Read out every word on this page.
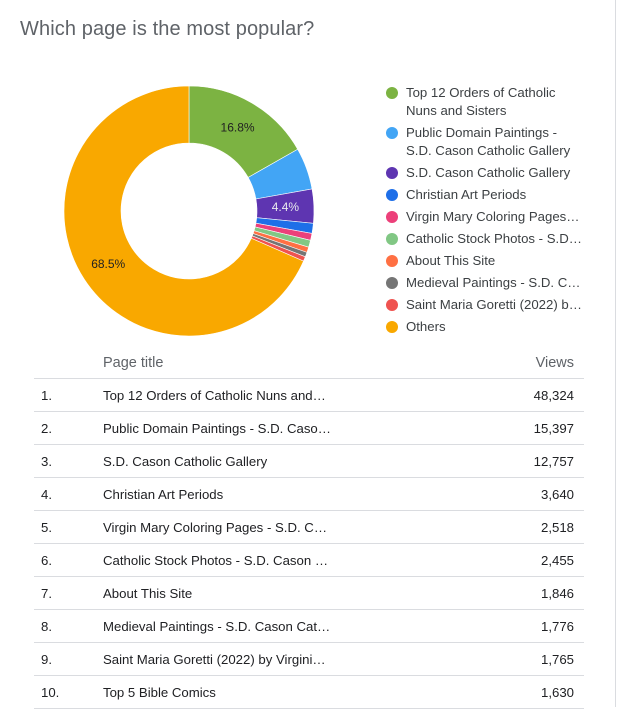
Which page is the most popular?
16.8%
4.4%
68.5%
Top 12 Orders of Catholic Nuns and Sisters
Public Domain Paintings - S.D. Cason Catholic Gallery
S.D. Cason Catholic Gallery
Christian Art Periods
Virgin Mary Coloring Pages…
Catholic Stock Photos - S.D…
About This Site
Medieval Paintings - S.D. C…
Saint Maria Goretti (2022) b…
Others
	Page title	Views
1.	Top 12 Orders of Catholic Nuns and…	48,324
2.	Public Domain Paintings - S.D. Caso…	15,397
3.	S.D. Cason Catholic Gallery	12,757
4.	Christian Art Periods	3,640
5.	Virgin Mary Coloring Pages - S.D. C…	2,518
6.	Catholic Stock Photos - S.D. Cason …	2,455
7.	About This Site	1,846
8.	Medieval Paintings - S.D. Cason Cat…	1,776
9.	Saint Maria Goretti (2022) by Virgini…	1,765
10.	Top 5 Bible Comics	1,630
